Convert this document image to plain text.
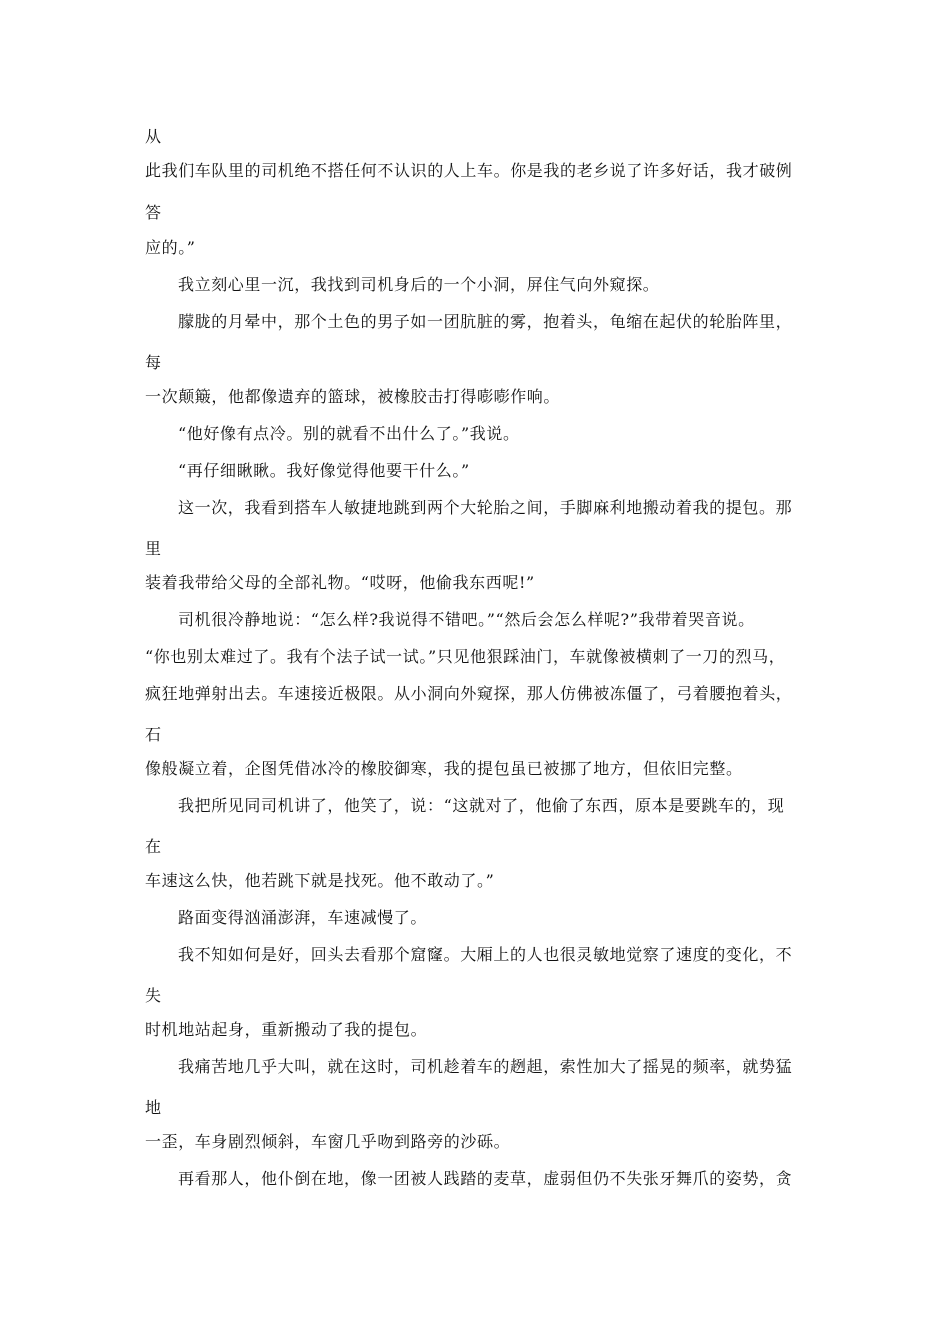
从
此我们车队里的司机绝不搭任何不认识的人上车。你是我的老乡说了许多好话，我才破例
答
应的。”
我立刻心里一沉，我找到司机身后的一个小洞，屏住气向外窥探。
朦胧的月晕中，那个土色的男子如一团肮脏的雾，抱着头，龟缩在起伏的轮胎阵里，
每
一次颠簸，他都像遗弃的篮球，被橡胶击打得嘭嘭作响。
“他好像有点冷。别的就看不出什么了。”我说。
“再仔细瞅瞅。我好像觉得他要干什么。”
这一次，我看到搭车人敏捷地跳到两个大轮胎之间，手脚麻利地搬动着我的提包。那
里
装着我带给父母的全部礼物。“哎呀，他偷我东西呢!”
司机很冷静地说：“怎么样?我说得不错吧。”“然后会怎么样呢?”我带着哭音说。
“你也别太难过了。我有个法子试一试。”只见他狠踩油门，车就像被横刺了一刀的烈马，
疯狂地弹射出去。车速接近极限。从小洞向外窥探，那人仿佛被冻僵了，弓着腰抱着头，
石
像般凝立着，企图凭借冰冷的橡胶御寒，我的提包虽已被挪了地方，但依旧完整。
我把所见同司机讲了，他笑了，说：“这就对了，他偷了东西，原本是要跳车的，现
在
车速这么快，他若跳下就是找死。他不敢动了。”
路面变得汹涌澎湃，车速减慢了。
我不知如何是好，回头去看那个窟窿。大厢上的人也很灵敏地觉察了速度的变化，不
失
时机地站起身，重新搬动了我的提包。
我痛苦地几乎大叫，就在这时，司机趁着车的趔趄，索性加大了摇晃的频率，就势猛
地
一歪，车身剧烈倾斜，车窗几乎吻到路旁的沙砾。
再看那人，他仆倒在地，像一团被人践踏的麦草，虚弱但仍不失张牙舞爪的姿势，贪
